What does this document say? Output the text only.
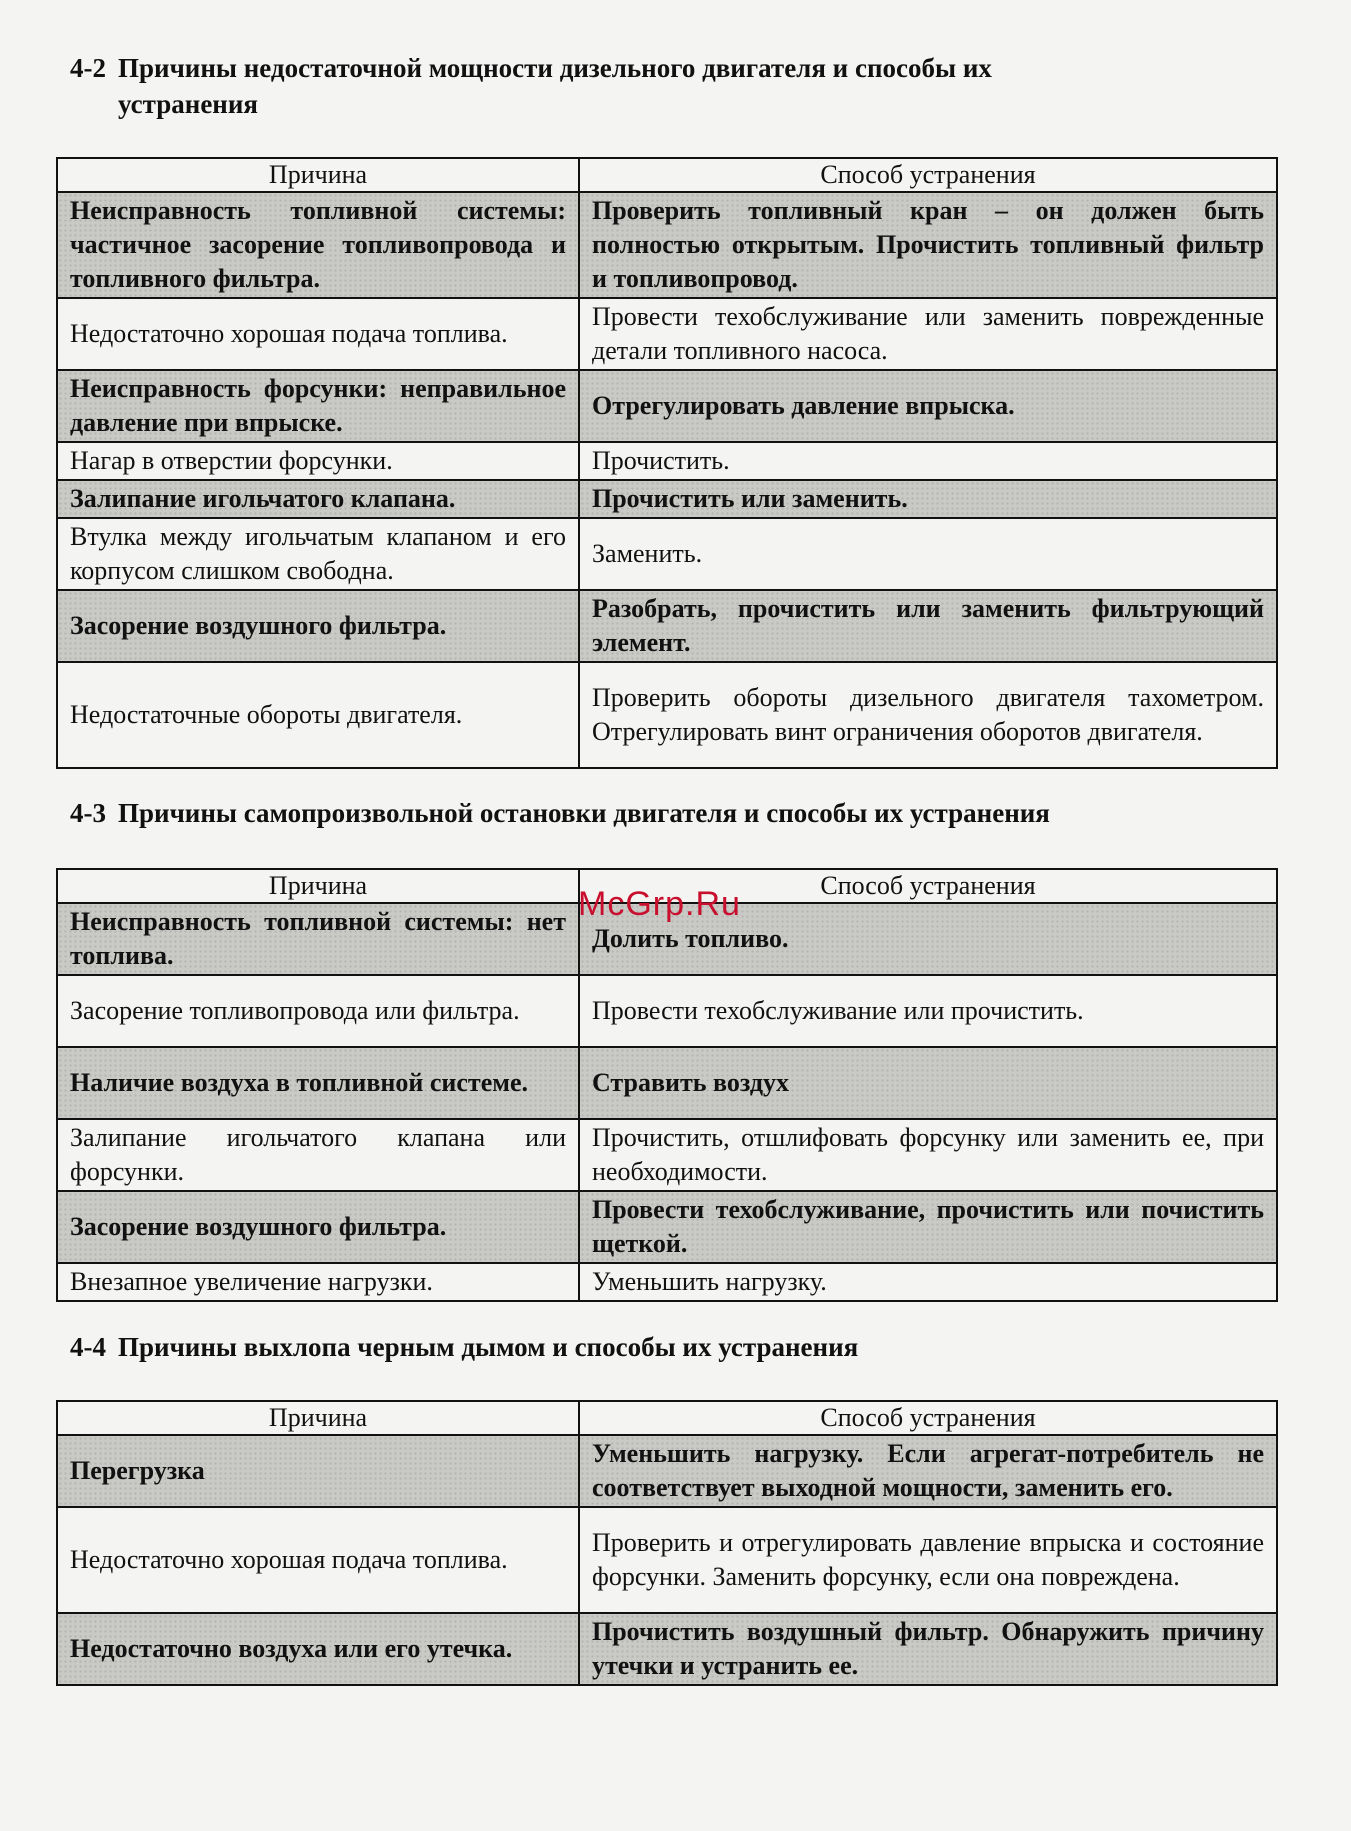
4-2 Причины недостаточной мощности дизельного двигателя и способы их
устранения
Причина	Способ устранения
Неисправность топливной системы: частичное засорение топливопровода и топливного фильтра.	Проверить топливный кран – он должен быть полностью открытым. Прочистить топливный фильтр и топливопровод.
Недостаточно хорошая подача топлива.	Провести техобслуживание или заменить поврежденные детали топливного насоса.
Неисправность форсунки: неправильное давление при впрыске.	Отрегулировать давление впрыска.
Нагар в отверстии форсунки.	Прочистить.
Залипание игольчатого клапана.	Прочистить или заменить.
Втулка между игольчатым клапаном и его корпусом слишком свободна.	Заменить.
Засорение воздушного фильтра.	Разобрать, прочистить или заменить фильтрующий элемент.
Недостаточные обороты двигателя.	Проверить обороты дизельного двигателя тахометром. Отрегулировать винт ограничения оборотов двигателя.
4-3 Причины самопроизвольной остановки двигателя и способы их устранения
Причина	Способ устранения
Неисправность топливной системы: нет топлива.	Долить топливо.
Засорение топливопровода или фильтра.	Провести техобслуживание или прочистить.
Наличие воздуха в топливной системе.	Стравить воздух
Залипание игольчатого клапана или форсунки.	Прочистить, отшлифовать форсунку или заменить ее, при необходимости.
Засорение воздушного фильтра.	Провести техобслуживание, прочистить или почистить щеткой.
Внезапное увеличение нагрузки.	Уменьшить нагрузку.
4-4 Причины выхлопа черным дымом и способы их устранения
Причина	Способ устранения
Перегрузка	Уменьшить нагрузку. Если агрегат-потребитель не соответствует выходной мощности, заменить его.
Недостаточно хорошая подача топлива.	Проверить и отрегулировать давление впрыска и состояние форсунки. Заменить форсунку, если она повреждена.
Недостаточно воздуха или его утечка.	Прочистить воздушный фильтр. Обнаружить причину утечки и устранить ее.
McGrp.Ru
